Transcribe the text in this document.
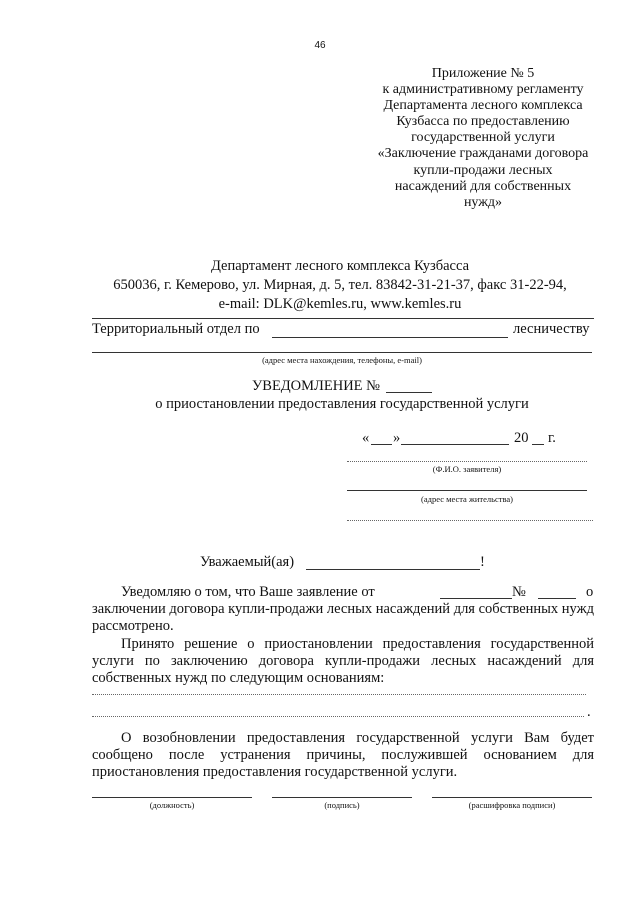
46
Приложение № 5
к административному регламенту
Департамента лесного комплекса
Кузбасса по предоставлению
государственной услуги
«Заключение гражданами договора
купли-продажи лесных
насаждений для собственных
нужд»
Департамент лесного комплекса Кузбасса
650036, г. Кемерово, ул. Мирная, д. 5, тел. 83842-31-21-37, факс 31-22-94,
e-mail: DLK@kemles.ru, www.kemles.ru
Территориальный отдел по	лесничеству
(адрес места нахождения, телефоны, e-mail)
УВЕДОМЛЕНИЕ №
о приостановлении предоставления государственной услуги
« »	20 г.
(Ф.И.О. заявителя)
(адрес места жительства)
Уважаемый(ая)	!
Уведомляю о том, что Ваше заявление от	№	о
заключении договора купли-продажи лесных насаждений для собственных нужд рассмотрено.
Принято решение о приостановлении предоставления государственной услуги по заключению договора купли-продажи лесных насаждений для собственных нужд по следующим основаниям:
.
О возобновлении предоставления государственной услуги Вам будет сообщено после устранения причины, послужившей основанием для приостановления предоставления государственной услуги.
(должность)	(подпись)	(расшифровка подписи)
